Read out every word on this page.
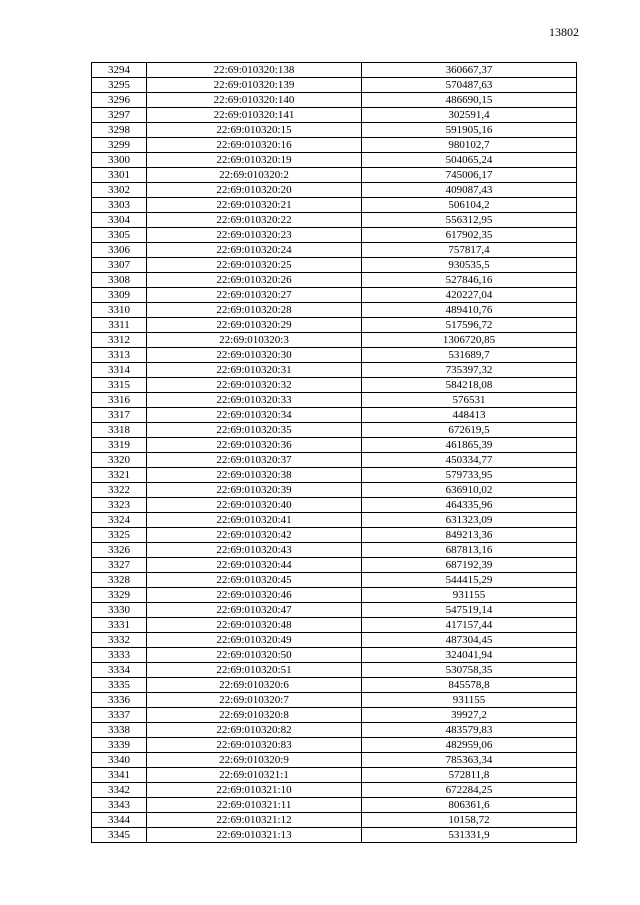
13802
3294	22:69:010320:138	360667,37
3295	22:69:010320:139	570487,63
3296	22:69:010320:140	486690,15
3297	22:69:010320:141	302591,4
3298	22:69:010320:15	591905,16
3299	22:69:010320:16	980102,7
3300	22:69:010320:19	504065,24
3301	22:69:010320:2	745006,17
3302	22:69:010320:20	409087,43
3303	22:69:010320:21	506104,2
3304	22:69:010320:22	556312,95
3305	22:69:010320:23	617902,35
3306	22:69:010320:24	757817,4
3307	22:69:010320:25	930535,5
3308	22:69:010320:26	527846,16
3309	22:69:010320:27	420227,04
3310	22:69:010320:28	489410,76
3311	22:69:010320:29	517596,72
3312	22:69:010320:3	1306720,85
3313	22:69:010320:30	531689,7
3314	22:69:010320:31	735397,32
3315	22:69:010320:32	584218,08
3316	22:69:010320:33	576531
3317	22:69:010320:34	448413
3318	22:69:010320:35	672619,5
3319	22:69:010320:36	461865,39
3320	22:69:010320:37	450334,77
3321	22:69:010320:38	579733,95
3322	22:69:010320:39	636910,02
3323	22:69:010320:40	464335,96
3324	22:69:010320:41	631323,09
3325	22:69:010320:42	849213,36
3326	22:69:010320:43	687813,16
3327	22:69:010320:44	687192,39
3328	22:69:010320:45	544415,29
3329	22:69:010320:46	931155
3330	22:69:010320:47	547519,14
3331	22:69:010320:48	417157,44
3332	22:69:010320:49	487304,45
3333	22:69:010320:50	324041,94
3334	22:69:010320:51	530758,35
3335	22:69:010320:6	845578,8
3336	22:69:010320:7	931155
3337	22:69:010320:8	39927,2
3338	22:69:010320:82	483579,83
3339	22:69:010320:83	482959,06
3340	22:69:010320:9	785363,34
3341	22:69:010321:1	572811,8
3342	22:69:010321:10	672284,25
3343	22:69:010321:11	806361,6
3344	22:69:010321:12	10158,72
3345	22:69:010321:13	531331,9
